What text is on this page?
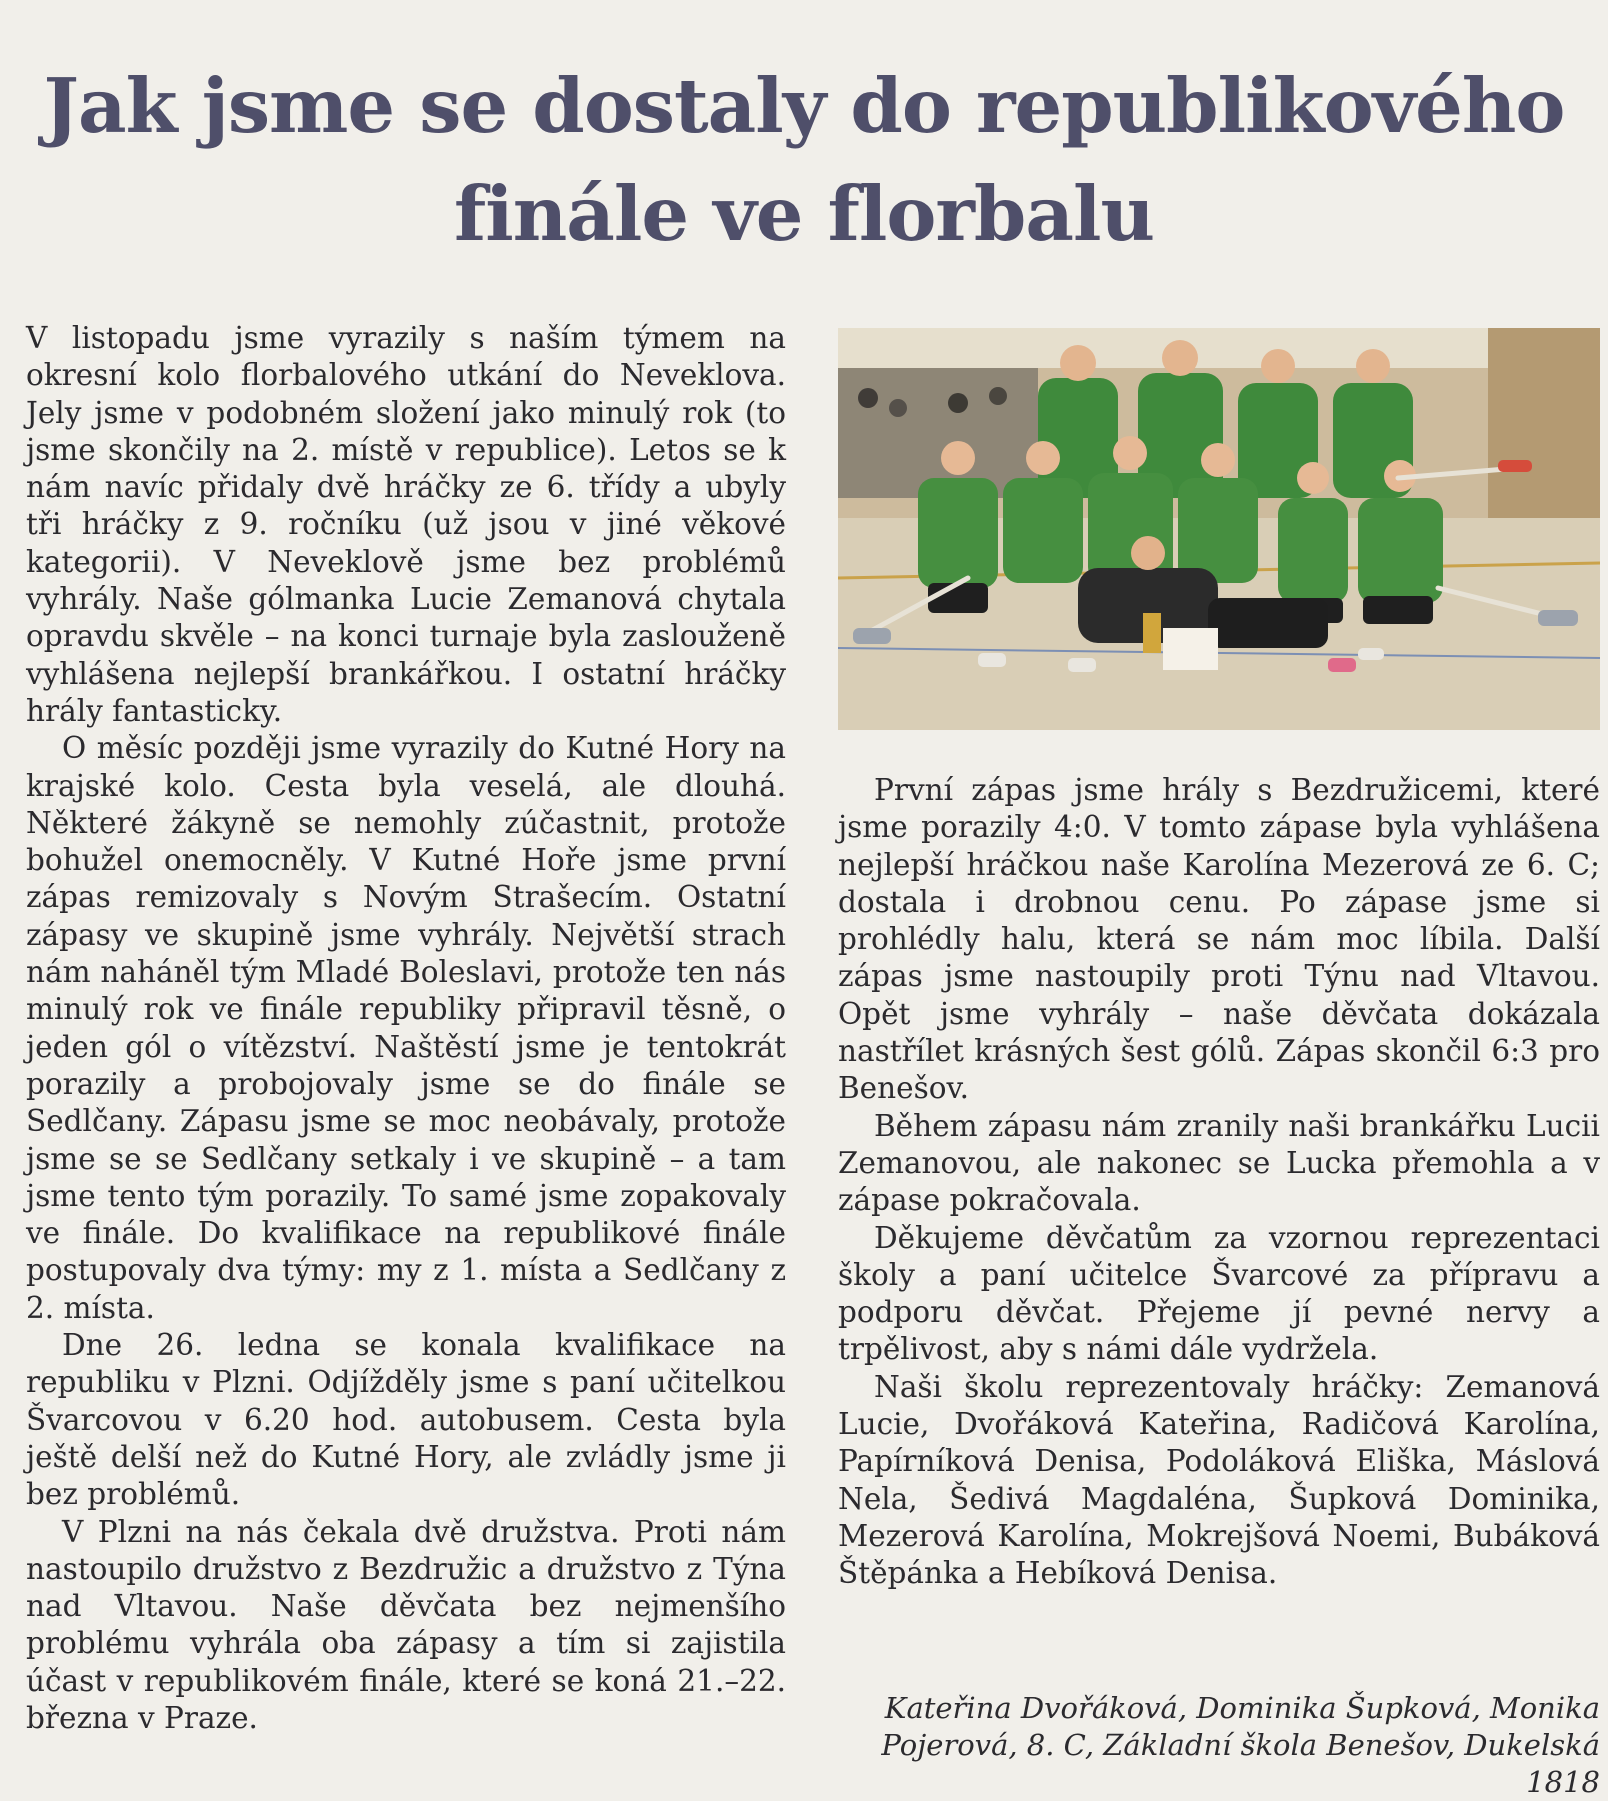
Jak jsme se dostaly do republikového
finále ve florbalu

V listopadu jsme vyrazily s naším týmem na okresní kolo florbalového utkání do Neveklova. Jely jsme v podobném složení jako minulý rok (to jsme skončily na 2. místě v republice). Letos se k nám navíc přidaly dvě hráčky ze 6. třídy a ubyly tři hráčky z 9. ročníku (už jsou v jiné věkové kategorii). V Neveklově jsme bez problémů vyhrály. Naše gólmanka Lucie Zemanová chytala opravdu skvěle – na konci turnaje byla zaslouženě vyhlášena nejlepší brankářkou. I ostatní hráčky hrály fantasticky.

O měsíc později jsme vyrazily do Kutné Hory na krajské kolo. Cesta byla veselá, ale dlouhá. Některé žákyně se nemohly zúčastnit, protože bohužel onemocněly. V Kutné Hoře jsme první zápas remizovaly s Novým Strašecím. Ostatní zápasy ve skupině jsme vyhrály. Největší strach nám naháněl tým Mladé Boleslavi, protože ten nás minulý rok ve finále republiky připravil těsně, o jeden gól o vítězství. Naštěstí jsme je tentokrát porazily a probojovaly jsme se do finále se Sedlčany. Zápasu jsme se moc neobávaly, protože jsme se se Sedlčany setkaly i ve skupině – a tam jsme tento tým porazily. To samé jsme zopakovaly ve finále. Do kvalifikace na republikové finále postupovaly dva týmy: my z 1. místa a Sedlčany z 2. místa.

Dne 26. ledna se konala kvalifikace na republiku v Plzni. Odjížděly jsme s paní učitelkou Švarcovou v 6.20 hod. autobusem. Cesta byla ještě delší než do Kutné Hory, ale zvládly jsme ji bez problémů.

V Plzni na nás čekala dvě družstva. Proti nám nastoupilo družstvo z Bezdružic a družstvo z Týna nad Vltavou. Naše děvčata bez nejmenšího problému vyhrála oba zápasy a tím si zajistila účast v republikovém finále, které se koná 21.–22. března v Praze.

První zápas jsme hrály s Bezdružicemi, které jsme porazily 4:0. V tomto zápase byla vyhlášena nejlepší hráčkou naše Karolína Mezerová ze 6. C; dostala i drobnou cenu. Po zápase jsme si prohlédly halu, která se nám moc líbila. Další zápas jsme nastoupily proti Týnu nad Vltavou. Opět jsme vyhrály – naše děvčata dokázala nastřílet krásných šest gólů. Zápas skončil 6:3 pro Benešov.

Během zápasu nám zranily naši brankářku Lucii Zemanovou, ale nakonec se Lucka přemohla a v zápase pokračovala.

Děkujeme děvčatům za vzornou reprezentaci školy a paní učitelce Švarcové za přípravu a podporu děvčat. Přejeme jí pevné nervy a trpělivost, aby s námi dále vydržela.

Naši školu reprezentovaly hráčky: Zemanová Lucie, Dvořáková Kateřina, Radičová Karolína, Papírníková Denisa, Podoláková Eliška, Máslová Nela, Šedivá Magdaléna, Šupková Dominika, Mezerová Karolína, Mokrejšová Noemi, Bubáková Štěpánka a Hebíková Denisa.

Kateřina Dvořáková, Dominika Šupková, Monika
Pojerová, 8. C, Základní škola Benešov, Dukelská 1818
